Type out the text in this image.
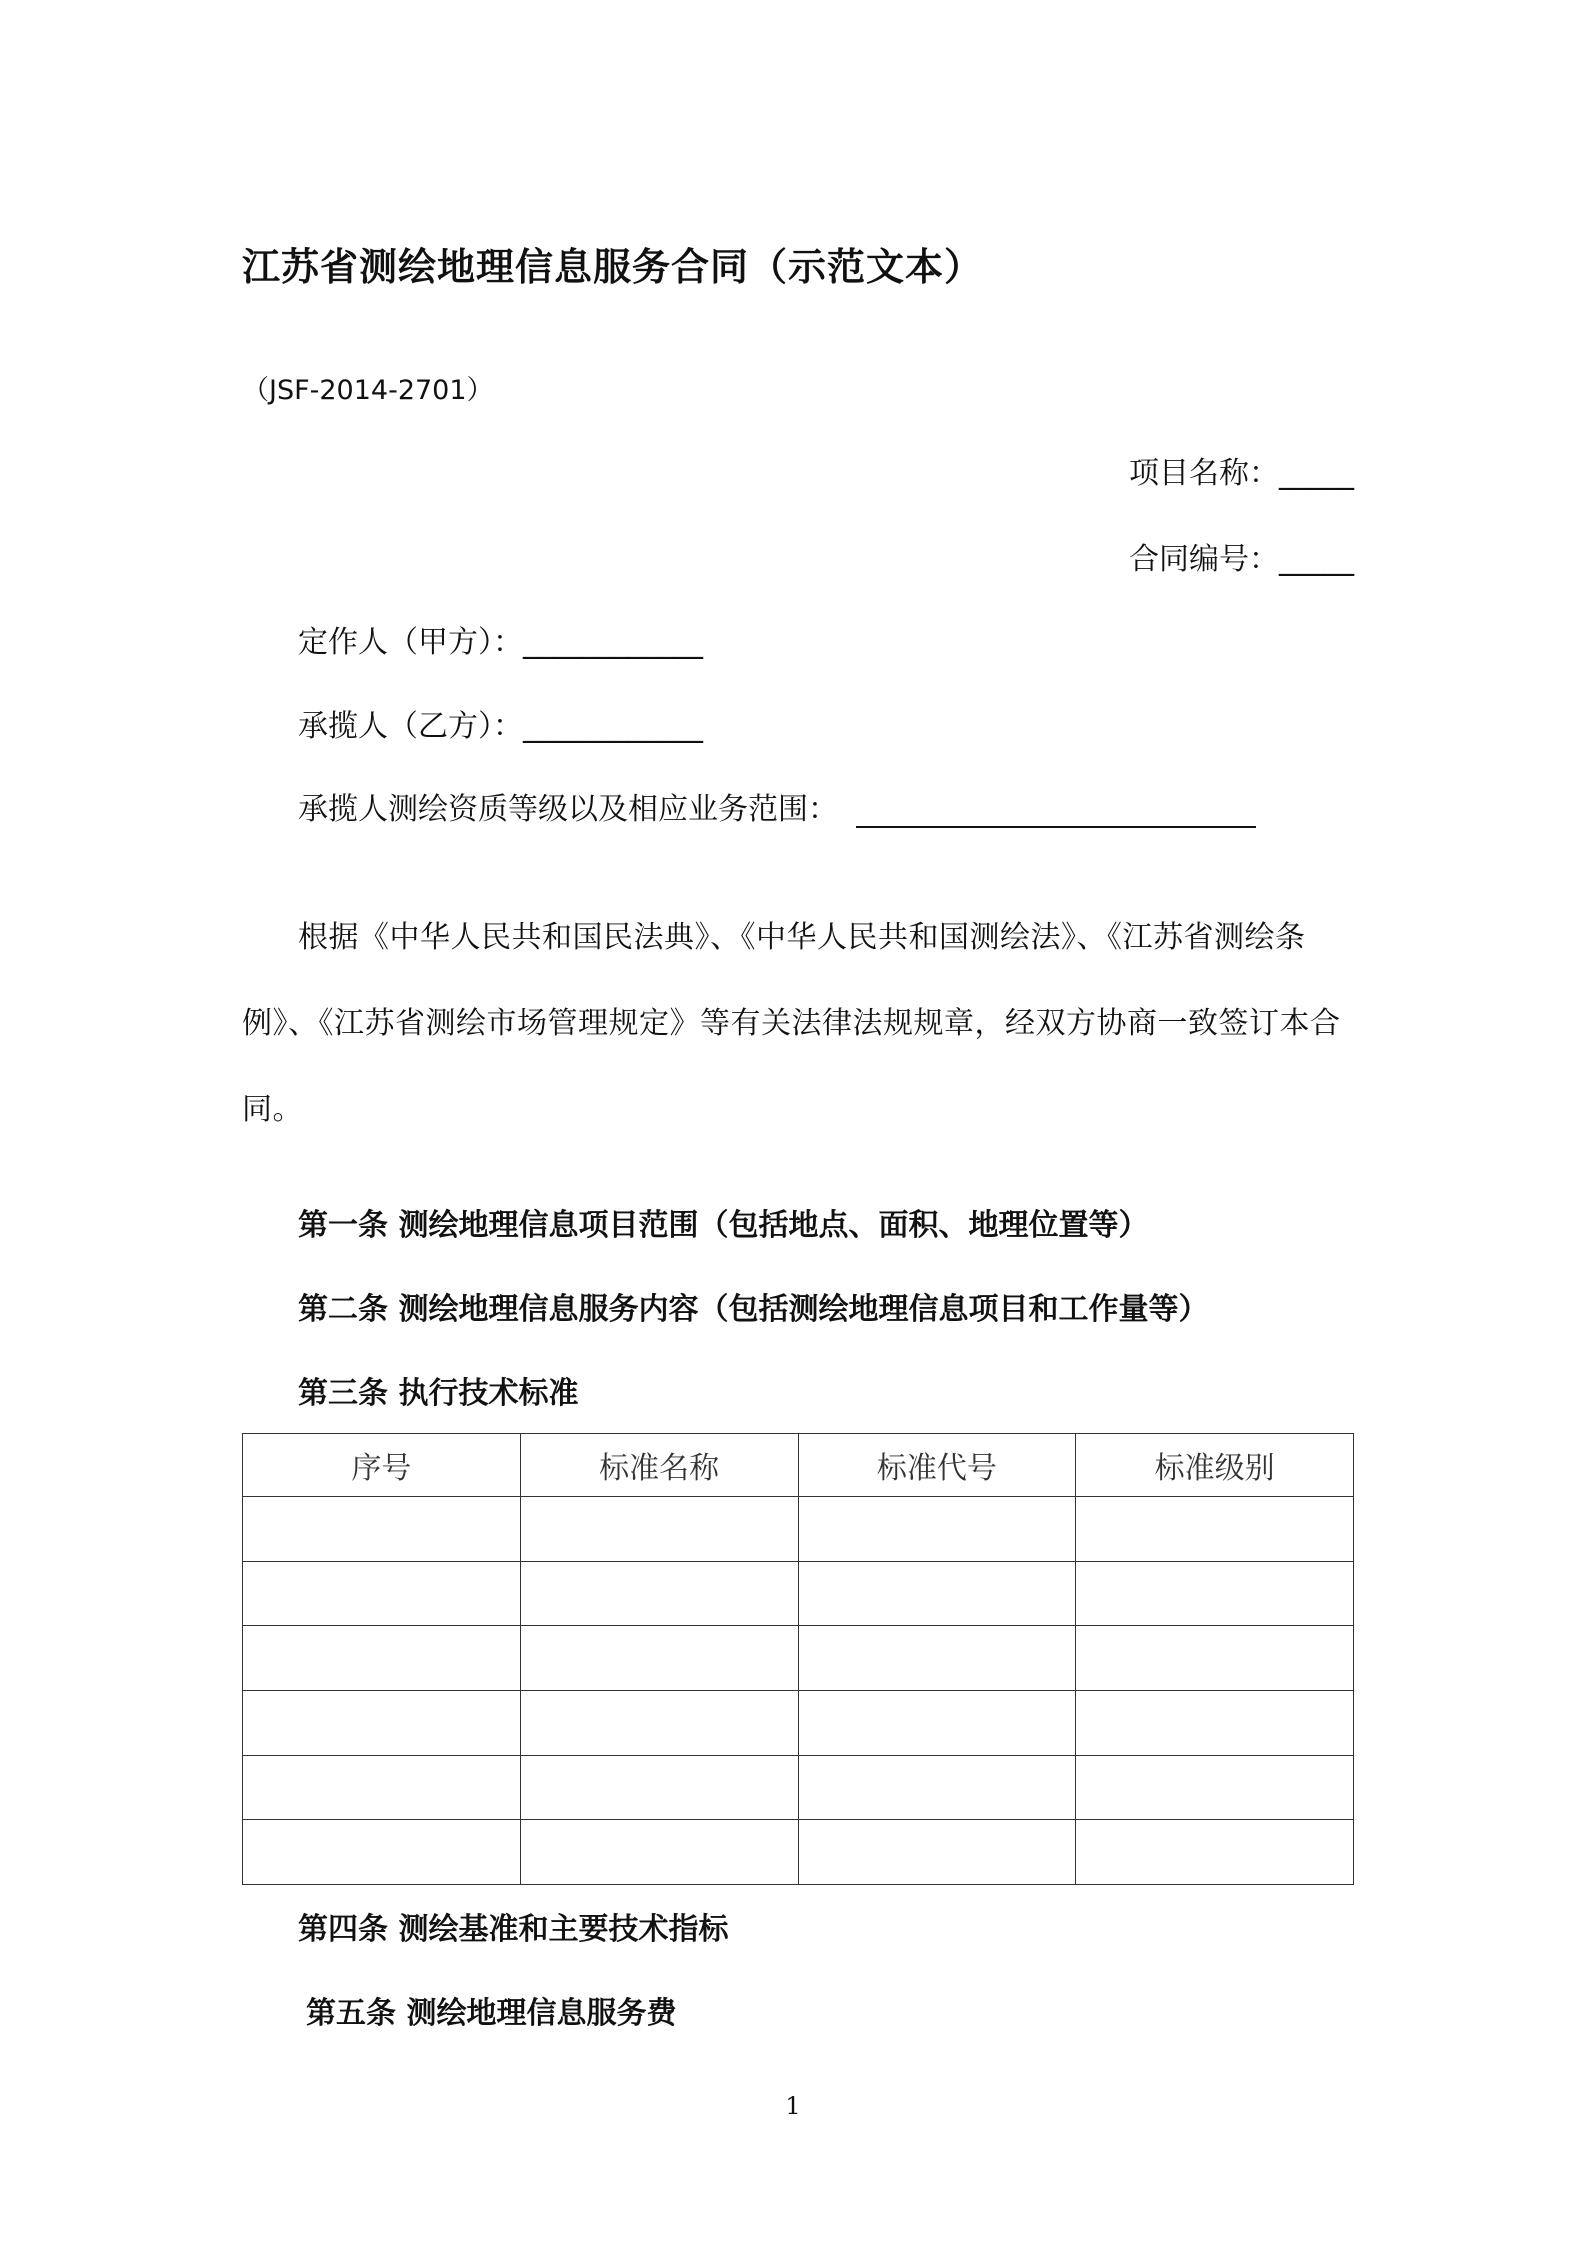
江苏省测绘地理信息服务合同（示范文本）
（JSF-2014-2701）
项目名称：_____
合同编号：_____
定作人（甲方）：____________
承揽人（乙方）：____________
承揽人测绘资质等级以及相应业务范围：
根据《中华人民共和国民法典》、《中华人民共和国测绘法》、《江苏省测绘条例》、《江苏省测绘市场管理规定》等有关法律法规规章，经双方协商一致签订本合同。
第一条 测绘地理信息项目范围（包括地点、面积、地理位置等）
第二条 测绘地理信息服务内容（包括测绘地理信息项目和工作量等）
第三条 执行技术标准
序号	标准名称	标准代号	标准级别

第四条 测绘基准和主要技术指标
第五条 测绘地理信息服务费
1
